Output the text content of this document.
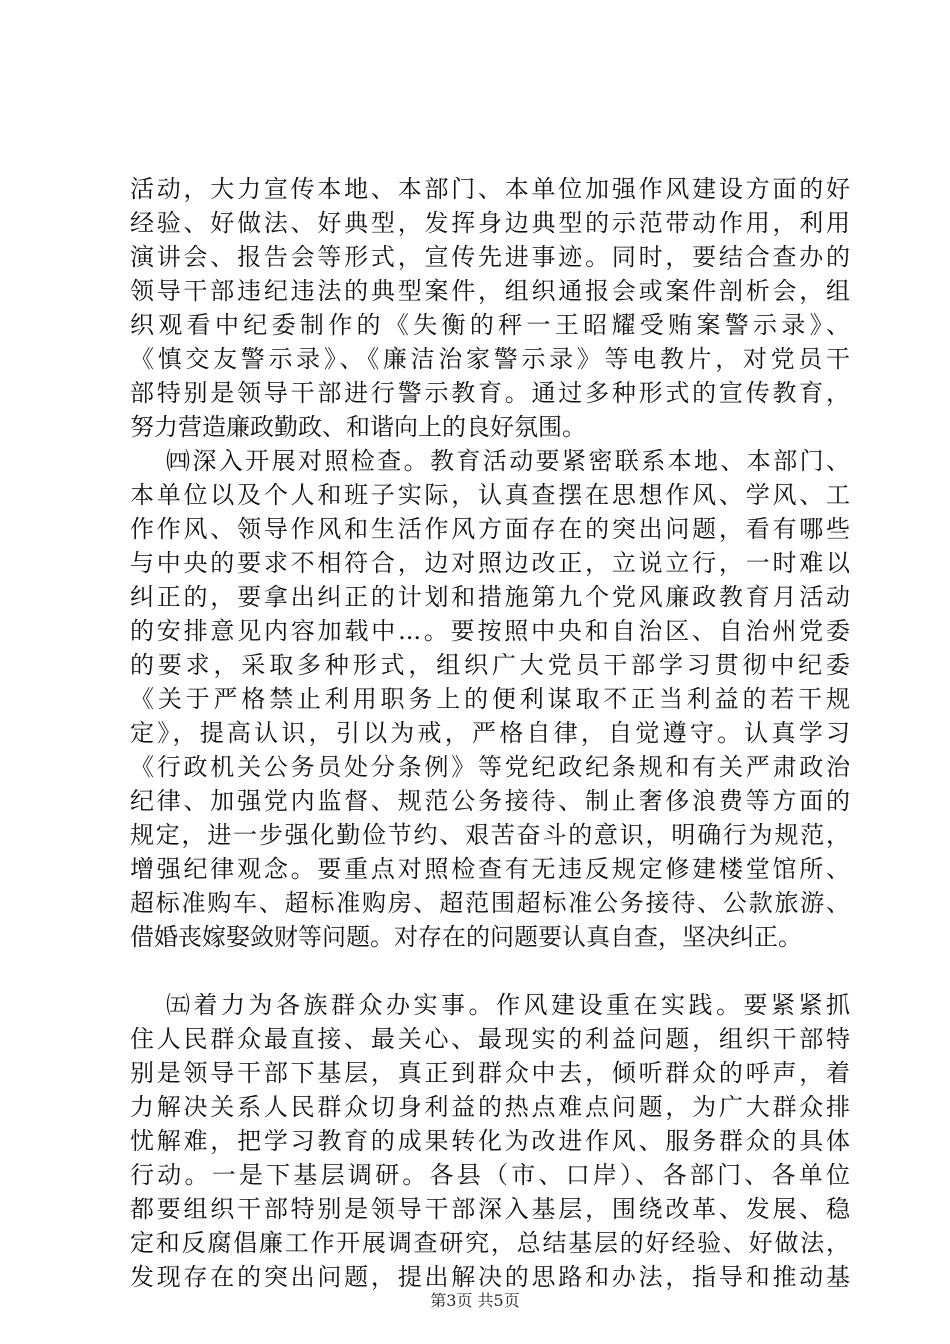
活动，大力宣传本地、本部门、本单位加强作风建设方面的好
经验、好做法、好典型，发挥身边典型的示范带动作用，利用
演讲会、报告会等形式，宣传先进事迹。同时，要结合查办的
领导干部违纪违法的典型案件，组织通报会或案件剖析会，组
织观看中纪委制作的《失衡的秤一王昭耀受贿案警示录》、
《慎交友警示录》、《廉洁治家警示录》等电教片，对党员干
部特别是领导干部进行警示教育。通过多种形式的宣传教育，
努力营造廉政勤政、和谐向上的良好氛围。
㈣深入开展对照检查。教育活动要紧密联系本地、本部门、
本单位以及个人和班子实际，认真查摆在思想作风、学风、工
作作风、领导作风和生活作风方面存在的突出问题，看有哪些
与中央的要求不相符合，边对照边改正，立说立行，一时难以
纠正的，要拿出纠正的计划和措施第九个党风廉政教育月活动
的安排意见内容加载中...。要按照中央和自治区、自治州党委
的要求，采取多种形式，组织广大党员干部学习贯彻中纪委
《关于严格禁止利用职务上的便利谋取不正当利益的若干规
定》，提高认识，引以为戒，严格自律，自觉遵守。认真学习
《行政机关公务员处分条例》等党纪政纪条规和有关严肃政治
纪律、加强党内监督、规范公务接待、制止奢侈浪费等方面的
规定，进一步强化勤俭节约、艰苦奋斗的意识，明确行为规范，
增强纪律观念。要重点对照检查有无违反规定修建楼堂馆所、
超标准购车、超标准购房、超范围超标准公务接待、公款旅游、
借婚丧嫁娶敛财等问题。对存在的问题要认真自查，坚决纠正。
㈤着力为各族群众办实事。作风建设重在实践。要紧紧抓
住人民群众最直接、最关心、最现实的利益问题，组织干部特
别是领导干部下基层，真正到群众中去，倾听群众的呼声，着
力解决关系人民群众切身利益的热点难点问题，为广大群众排
忧解难，把学习教育的成果转化为改进作风、服务群众的具体
行动。一是下基层调研。各县（市、口岸）、各部门、各单位
都要组织干部特别是领导干部深入基层，围绕改革、发展、稳
定和反腐倡廉工作开展调查研究，总结基层的好经验、好做法，
发现存在的突出问题，提出解决的思路和办法，指导和推动基
第3页 共5页
